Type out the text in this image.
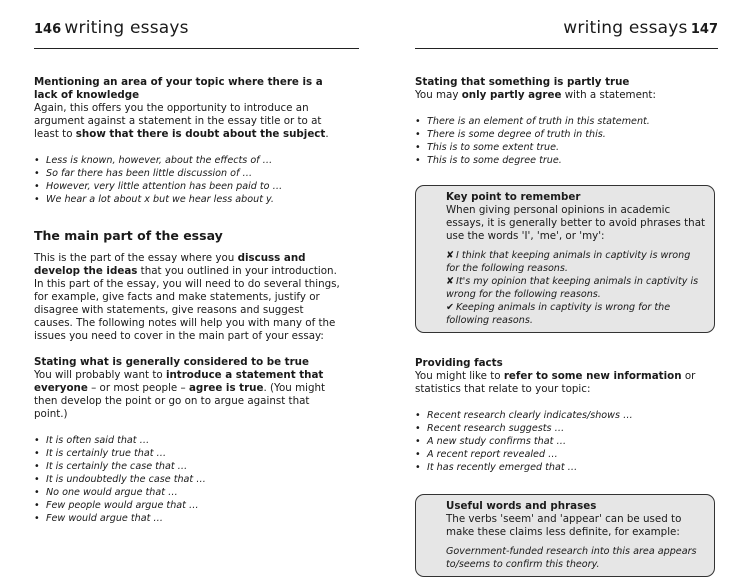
146 writing essays

Mentioning an area of your topic where there is a lack of knowledge

Again, this offers you the opportunity to introduce an argument against a statement in the essay title or to at least to show that there is doubt about the subject.

• Less is known, however, about the effects of …
• So far there has been little discussion of …
• However, very little attention has been paid to …
• We hear a lot about x but we hear less about y.

The main part of the essay

This is the part of the essay where you discuss and develop the ideas that you outlined in your introduction. In this part of the essay, you will need to do several things, for example, give facts and make statements, justify or disagree with statements, give reasons and suggest causes. The following notes will help you with many of the issues you need to cover in the main part of your essay:

Stating what is generally considered to be true

You will probably want to introduce a statement that everyone – or most people – agree is true. (You might then develop the point or go on to argue against that point.)

• It is often said that …
• It is certainly true that …
• It is certainly the case that …
• It is undoubtedly the case that …
• No one would argue that …
• Few people would argue that …
• Few would argue that …
writing essays 147

Stating that something is partly true

You may only partly agree with a statement:

• There is an element of truth in this statement.
• There is some degree of truth in this.
• This is to some extent true.
• This is to some degree true.

Key point to remember

When giving personal opinions in academic essays, it is generally better to avoid phrases that use the words 'I', 'me', or 'my':

✘ I think that keeping animals in captivity is wrong for the following reasons.

✘ It's my opinion that keeping animals in captivity is wrong for the following reasons.

✔ Keeping animals in captivity is wrong for the following reasons.

Providing facts

You might like to refer to some new information or statistics that relate to your topic:

• Recent research clearly indicates/shows …
• Recent research suggests …
• A new study confirms that …
• A recent report revealed …
• It has recently emerged that …

Useful words and phrases

The verbs 'seem' and 'appear' can be used to make these claims less definite, for example:

Government-funded research into this area appears to/seems to confirm this theory.
